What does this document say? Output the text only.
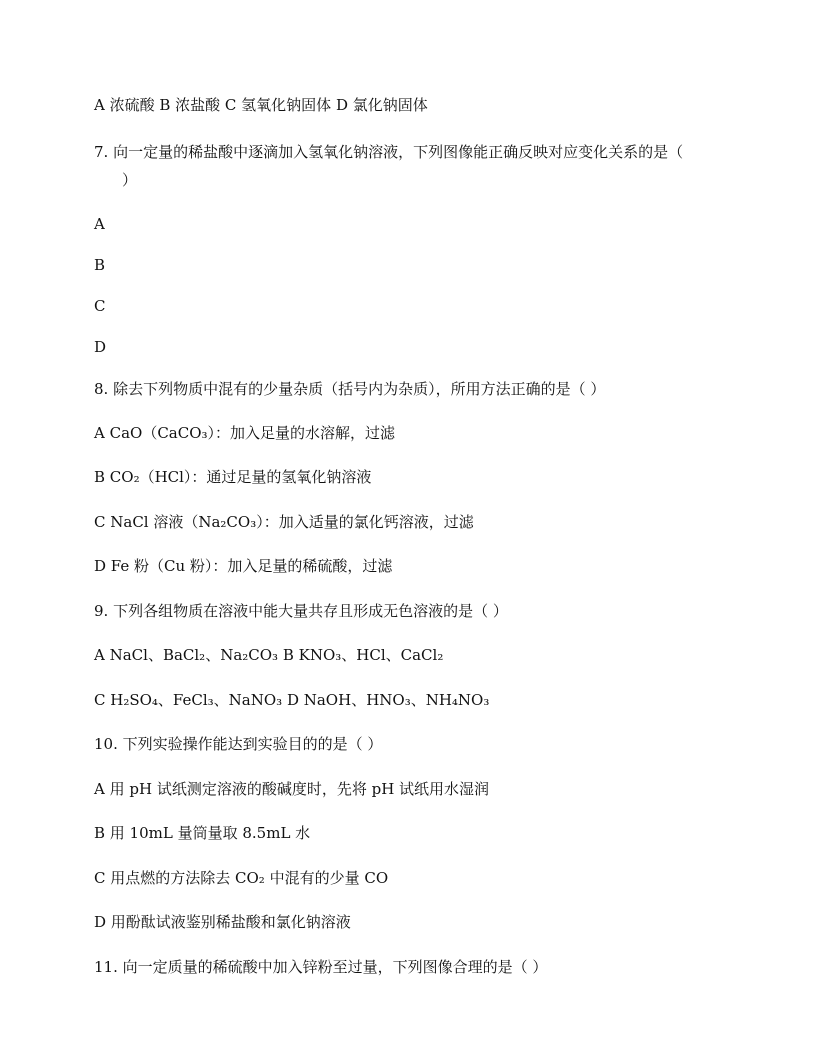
A 浓硫酸 B 浓盐酸 C 氢氧化钠固体 D 氯化钠固体
7. 向一定量的稀盐酸中逐滴加入氢氧化钠溶液，下列图像能正确反映对应变化关系的是（
）
A
B
C
D
8. 除去下列物质中混有的少量杂质（括号内为杂质），所用方法正确的是（ ）
A CaO（CaCO₃）：加入足量的水溶解，过滤
B CO₂（HCl）：通过足量的氢氧化钠溶液
C NaCl 溶液（Na₂CO₃）：加入适量的氯化钙溶液，过滤
D Fe 粉（Cu 粉）：加入足量的稀硫酸，过滤
9. 下列各组物质在溶液中能大量共存且形成无色溶液的是（ ）
A NaCl、BaCl₂、Na₂CO₃ B KNO₃、HCl、CaCl₂
C H₂SO₄、FeCl₃、NaNO₃ D NaOH、HNO₃、NH₄NO₃
10. 下列实验操作能达到实验目的的是（ ）
A 用 pH 试纸测定溶液的酸碱度时，先将 pH 试纸用水湿润
B 用 10mL 量筒量取 8.5mL 水
C 用点燃的方法除去 CO₂ 中混有的少量 CO
D 用酚酞试液鉴别稀盐酸和氯化钠溶液
11. 向一定质量的稀硫酸中加入锌粉至过量，下列图像合理的是（ ）
